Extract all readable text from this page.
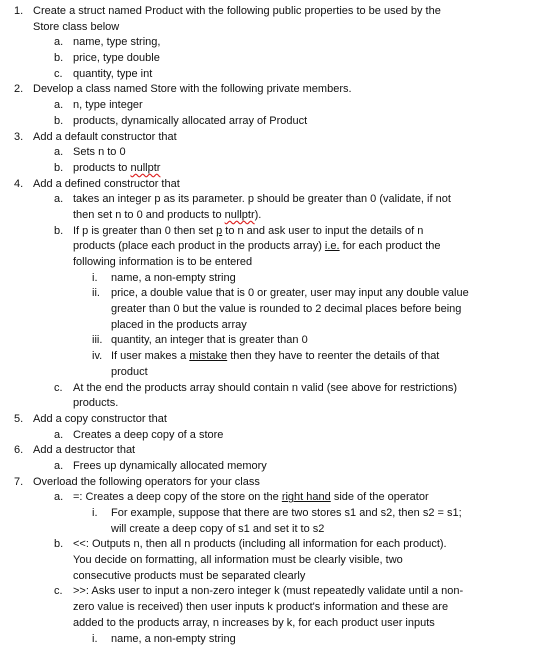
1. Create a struct named Product with the following public properties to be used by the
Store class below
a. name, type string,
b. price, type double
c. quantity, type int
2. Develop a class named Store with the following private members.
a. n, type integer
b. products, dynamically allocated array of Product
3. Add a default constructor that
a. Sets n to 0
b. products to nullptr
4. Add a defined constructor that
a. takes an integer p as its parameter. p should be greater than 0 (validate, if not
then set n to 0 and products to nullptr).
b. If p is greater than 0 then set p to n and ask user to input the details of n
products (place each product in the products array) i.e. for each product the
following information is to be entered
i. name, a non-empty string
ii. price, a double value that is 0 or greater, user may input any double value
greater than 0 but the value is rounded to 2 decimal places before being
placed in the products array
iii. quantity, an integer that is greater than 0
iv. If user makes a mistake then they have to reenter the details of that
product
c. At the end the products array should contain n valid (see above for restrictions)
products.
5. Add a copy constructor that
a. Creates a deep copy of a store
6. Add a destructor that
a. Frees up dynamically allocated memory
7. Overload the following operators for your class
a. =: Creates a deep copy of the store on the right hand side of the operator
i. For example, suppose that there are two stores s1 and s2, then s2 = s1;
will create a deep copy of s1 and set it to s2
b. <<: Outputs n, then all n products (including all information for each product).
You decide on formatting, all information must be clearly visible, two
consecutive products must be separated clearly
c. >>: Asks user to input a non-zero integer k (must repeatedly validate until a non-
zero value is received) then user inputs k product's information and these are
added to the products array, n increases by k, for each product user inputs
i. name, a non-empty string
